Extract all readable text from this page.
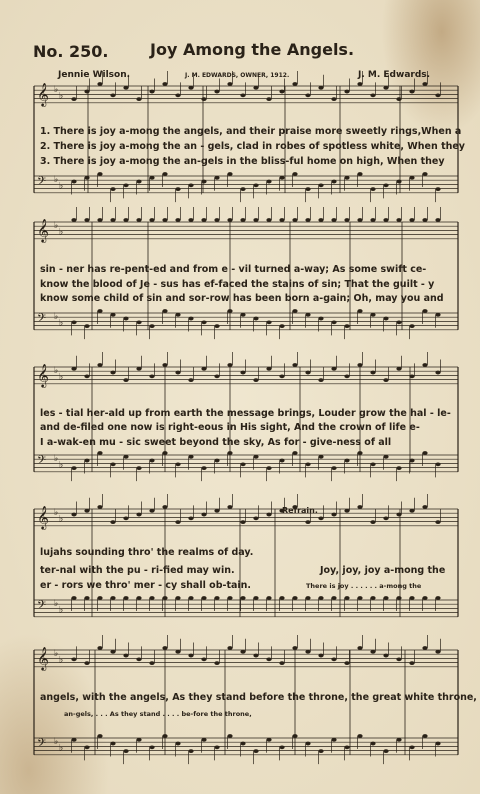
No. 250.	Joy Among the Angels.
Jennie Wilson.	J. M. EDWARDS, OWNER, 1912.	J. M. Edwards.
𝄞 ♭
♭
𝄢 ♭
♭
𝄞 ♭
♭
𝄢 ♭
♭
𝄞 ♭
♭
𝄢 ♭
♭
𝄞 ♭
♭
𝄢 ♭
♭
𝄞 ♭
♭
𝄢 ♭
♭
1. There is joy a-mong the angels, and their praise more sweetly rings,When a
2. There is joy a-mong the an - gels, clad in robes of spotless white, When they
3. There is joy a-mong the an-gels in the bliss-ful home on high, When they
sin - ner has re-pent-ed and from e - vil turned a-way; As some swift ce-
know the blood of Je - sus has ef-faced the stains of sin; That the guilt - y
know some child of sin and sor-row has been born a-gain; Oh, may you and
les - tial her-ald up from earth the message brings, Louder grow the hal - le-
and de-filed one now is right-eous in His sight, And the crown of life e-
I a-wak-en mu - sic sweet beyond the sky, As for - give-ness of all
Refrain.
lujahs sounding thro' the realms of day.
ter-nal with the pu - ri-fied may win.
er - rors we thro' mer - cy shall ob-tain.
Joy, joy, joy a-mong the
There is joy . . . . . . a-mong the
angels, with the angels, As they stand before the throne, the great white throne,
an-gels, . . . As they stand . . . . be-fore the throne,
